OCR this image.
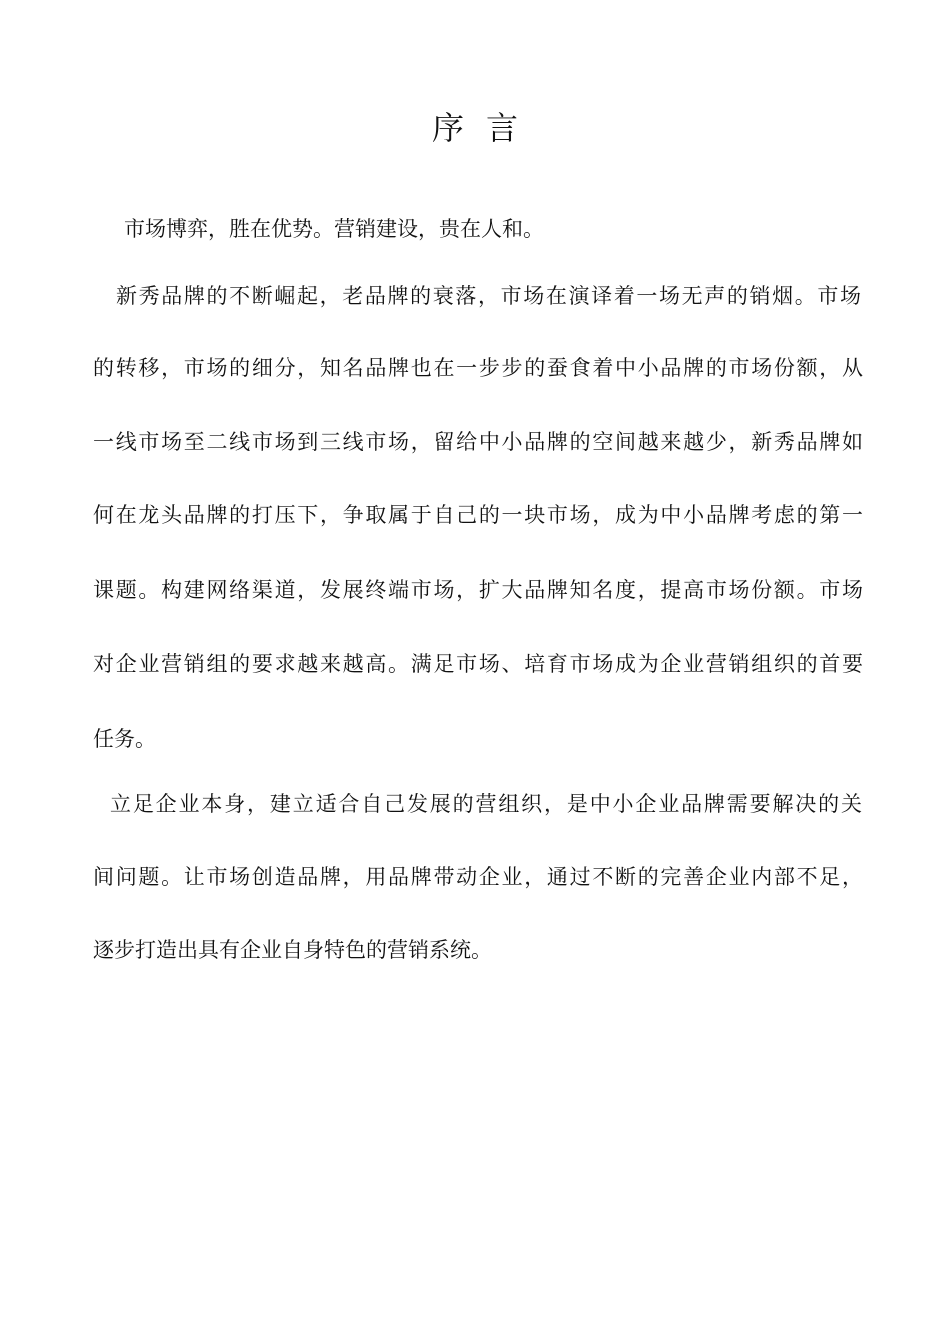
序言
市场博弈，胜在优势。营销建设，贵在人和。
新秀品牌的不断崛起，老品牌的衰落，市场在演译着一场无声的销烟。市场
的转移，市场的细分，知名品牌也在一步步的蚕食着中小品牌的市场份额，从
一线市场至二线市场到三线市场，留给中小品牌的空间越来越少，新秀品牌如
何在龙头品牌的打压下，争取属于自己的一块市场，成为中小品牌考虑的第一
课题。构建网络渠道，发展终端市场，扩大品牌知名度，提高市场份额。市场
对企业营销组的要求越来越高。满足市场、培育市场成为企业营销组织的首要
任务。
立足企业本身，建立适合自己发展的营组织，是中小企业品牌需要解决的关
间问题。让市场创造品牌，用品牌带动企业，通过不断的完善企业内部不足，
逐步打造出具有企业自身特色的营销系统。
